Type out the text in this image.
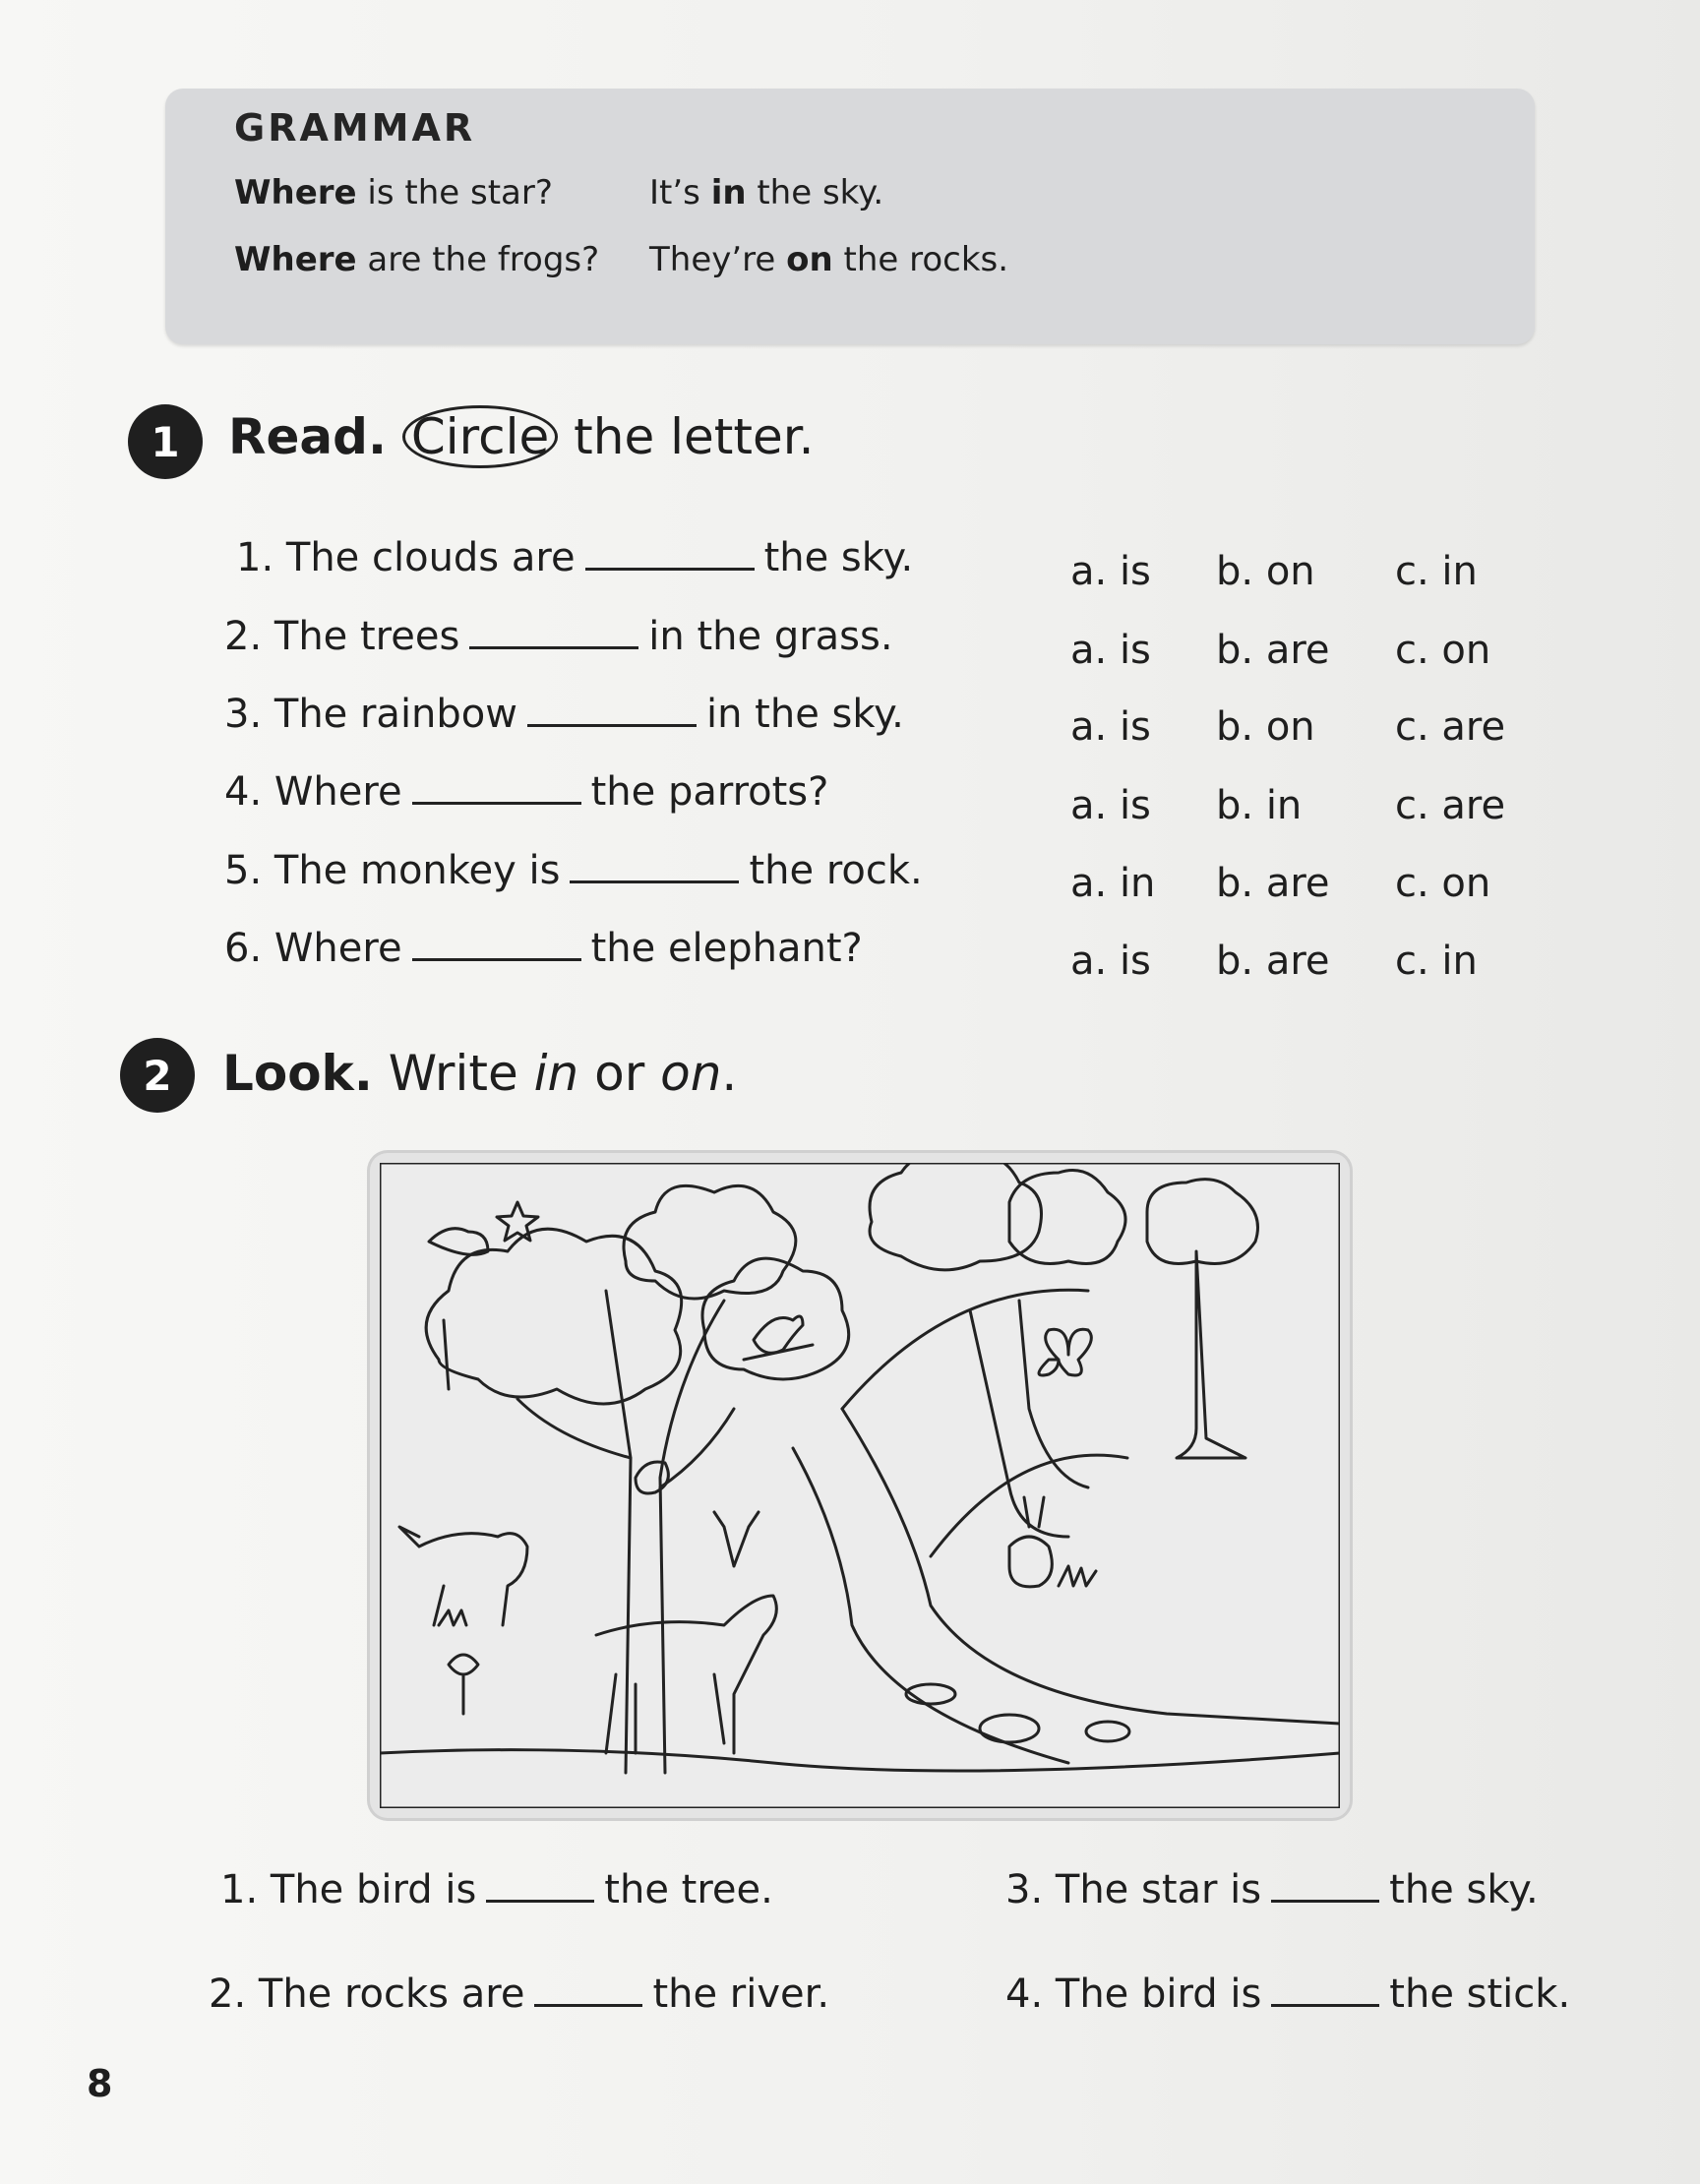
GRAMMAR
Where is the star?	It’s in the sky.
Where are the frogs? They’re on the rocks.
1 Read. Circle the letter.
1. The clouds are	the sky.
2. The trees	in the grass.
3. The rainbow	in the sky.
4. Where	the parrots?
5. The monkey is	the rock.
6. Where	the elephant?
a. is b. on c. in
a. is b. are c. on
a. is b. on c. are
a. is b. in c. are
a. in b. are c. on
a. is b. are c. in
2	Look. Write in or on.
1. The bird is	the tree.
2. The rocks are	the river.
3. The star is	the sky.
4. The bird is	the stick.
8
